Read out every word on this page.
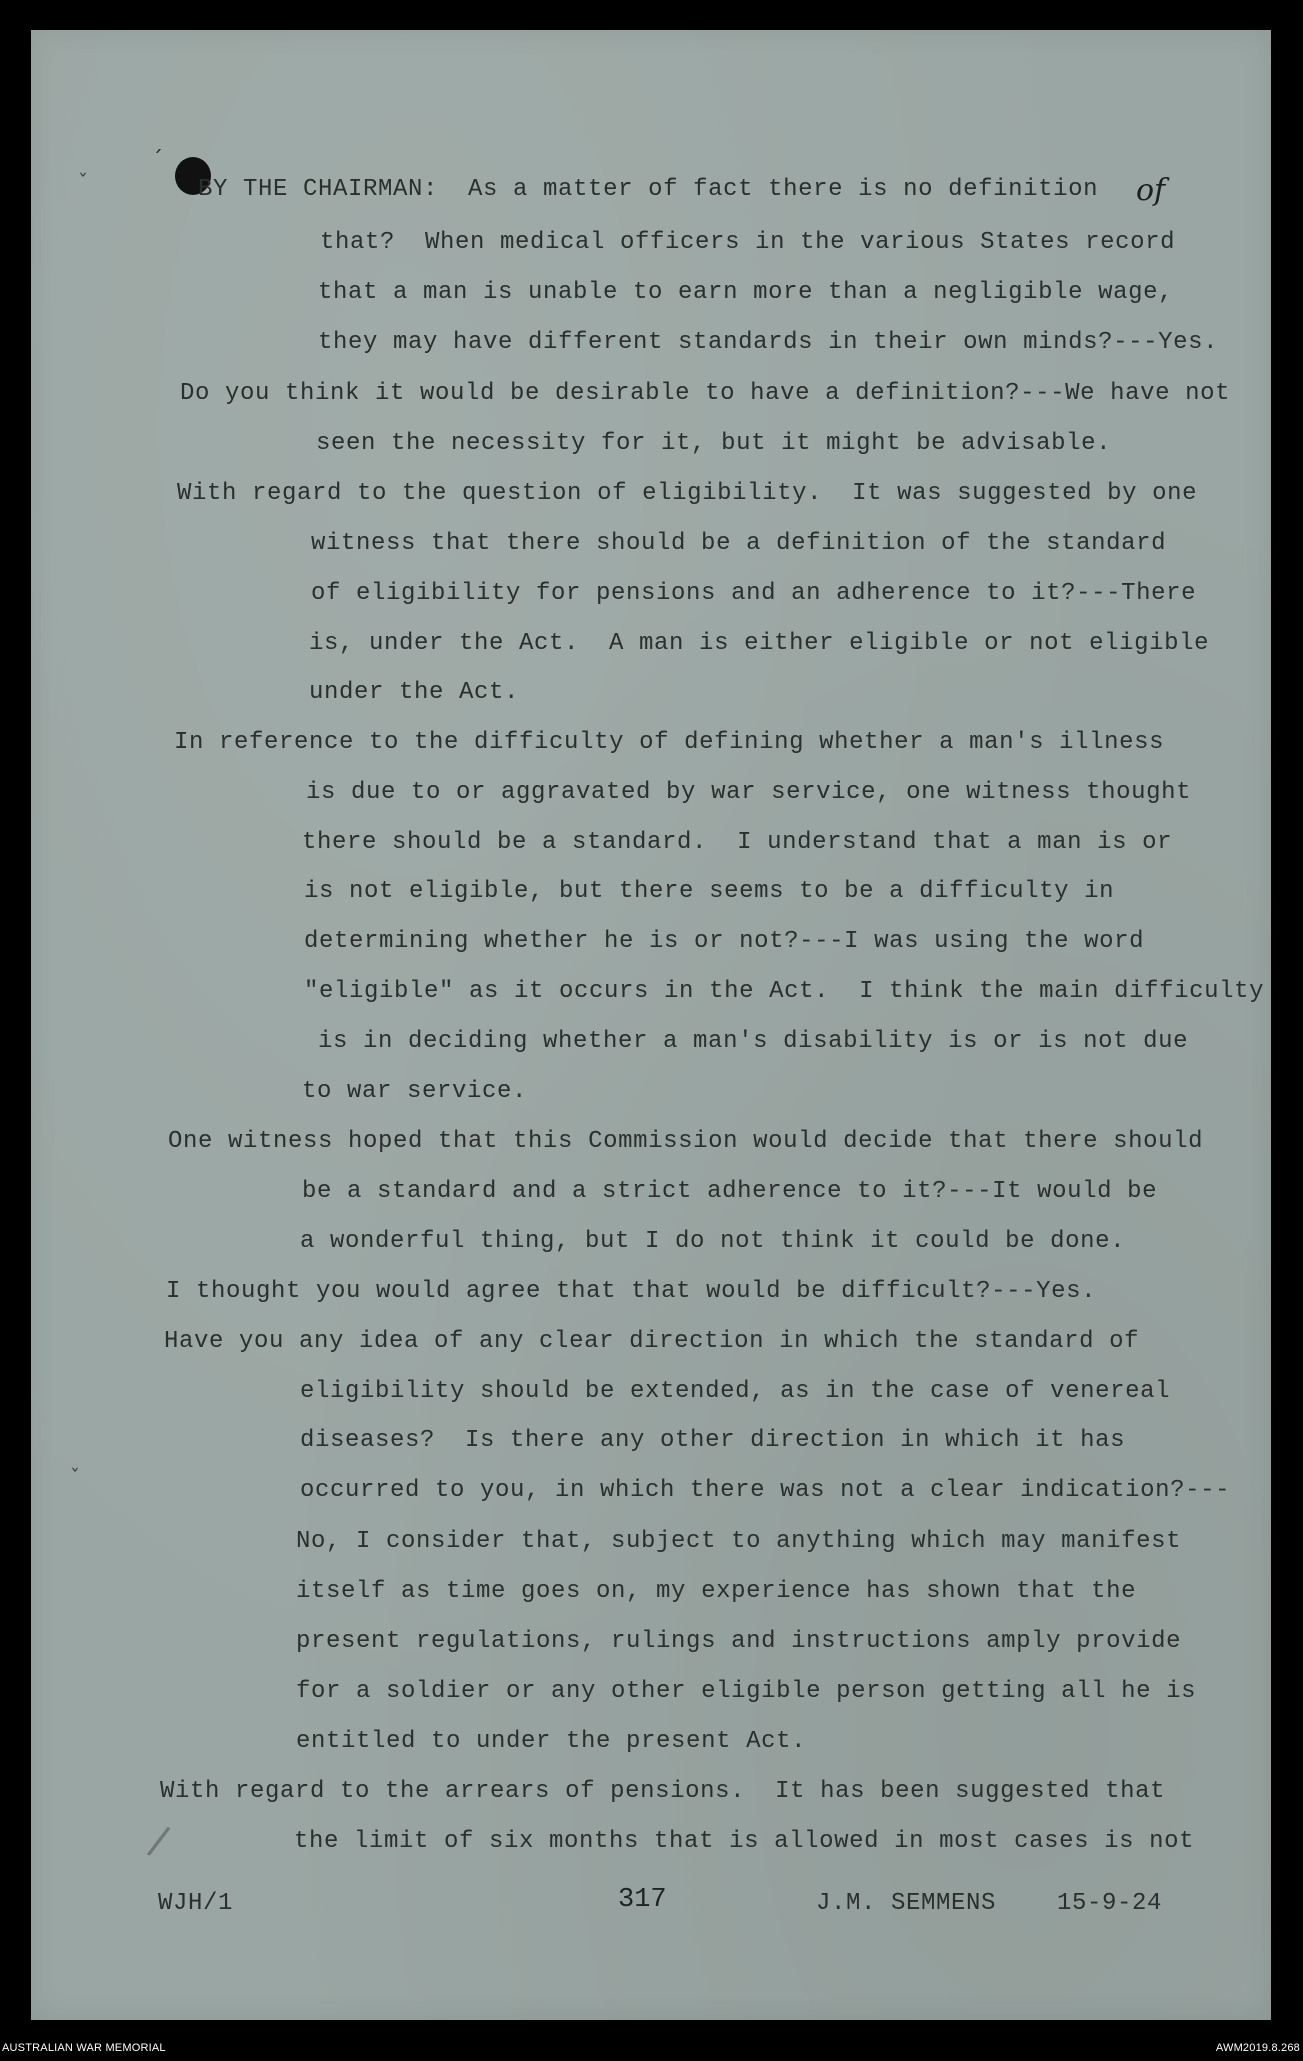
ˊ
ˇ
ˇ
/

BY THE CHAIRMAN:  As a matter of fact there is no definition

that?  When medical officers in the various States record

that a man is unable to earn more than a negligible wage,

they may have different standards in their own minds?---Yes.

Do you think it would be desirable to have a definition?---We have not

seen the necessity for it, but it might be advisable.

With regard to the question of eligibility.  It was suggested by one

witness that there should be a definition of the standard

of eligibility for pensions and an adherence to it?---There

is, under the Act.  A man is either eligible or not eligible

under the Act.

In reference to the difficulty of defining whether a man's illness

is due to or aggravated by war service, one witness thought

there should be a standard.  I understand that a man is or

is not eligible, but there seems to be a difficulty in

determining whether he is or not?---I was using the word

"eligible" as it occurs in the Act.  I think the main difficulty

is in deciding whether a man's disability is or is not due

to war service.

One witness hoped that this Commission would decide that there should

be a standard and a strict adherence to it?---It would be

a wonderful thing, but I do not think it could be done.

I thought you would agree that that would be difficult?---Yes.

Have you any idea of any clear direction in which the standard of

eligibility should be extended, as in the case of venereal

diseases?  Is there any other direction in which it has

occurred to you, in which there was not a clear indication?---

No, I consider that, subject to anything which may manifest

itself as time goes on, my experience has shown that the

present regulations, rulings and instructions amply provide

for a soldier or any other eligible person getting all he is

entitled to under the present Act.

With regard to the arrears of pensions.  It has been suggested that

the limit of six months that is allowed in most cases is not

of
WJH/1	317	J.M. SEMMENS	15-9-24
AUSTRALIAN WAR MEMORIAL	AWM2019.8.268
